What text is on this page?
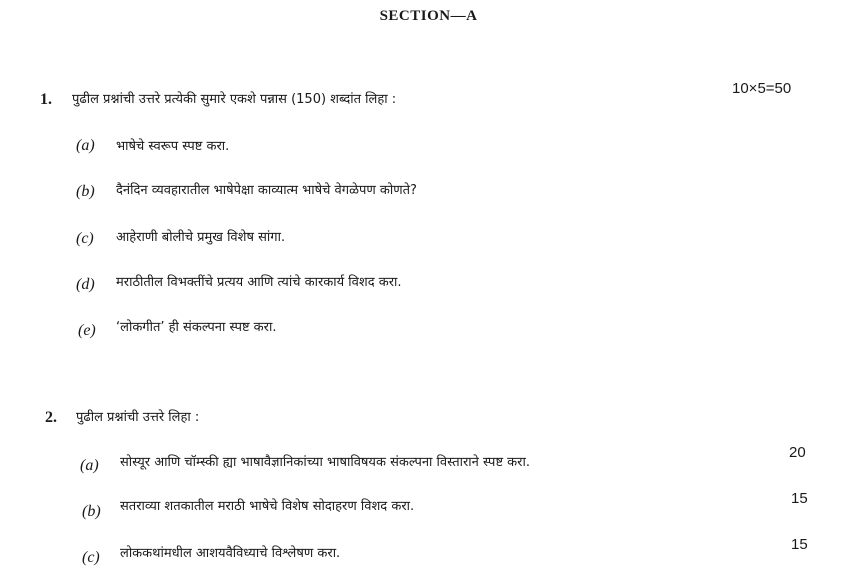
SECTION—A
1. पुढील प्रश्नांची उत्तरे प्रत्येकी सुमारे एकशे पन्नास (150) शब्दांत लिहा :
10×5=50
(a) भाषेचे स्वरूप स्पष्ट करा.
(b) दैनंदिन व्यवहारातील भाषेपेक्षा काव्यात्म भाषेचे वेगळेपण कोणते?
(c) आहेराणी बोलीचे प्रमुख विशेष सांगा.
(d) मराठीतील विभक्तींचे प्रत्यय आणि त्यांचे कारकार्य विशद करा.
(e) ‘लोकगीत’ ही संकल्पना स्पष्ट करा.
2. पुढील प्रश्नांची उत्तरे लिहा :
(a) सोस्यूर आणि चॉम्स्की ह्या भाषावैज्ञानिकांच्या भाषाविषयक संकल्पना विस्ताराने स्पष्ट करा.
20
(b) सतराव्या शतकातील मराठी भाषेचे विशेष सोदाहरण विशद करा.	15
(c) लोककथांमधील आशयवैविध्याचे विश्लेषण करा.
15
